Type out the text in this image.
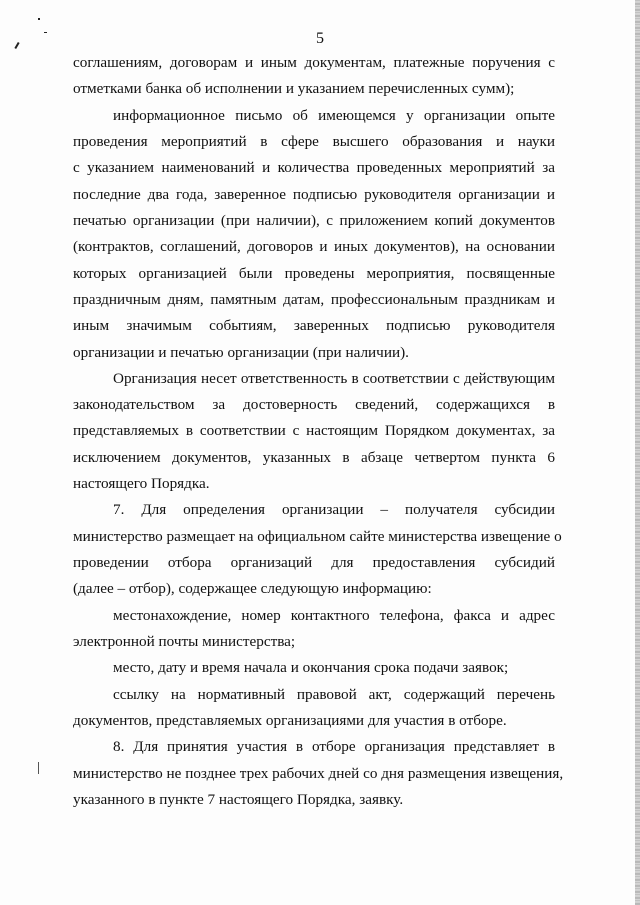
5
соглашениям, договорам и иным документам, платежные поручения с
отметками банка об исполнении и указанием перечисленных сумм);
информационное письмо об имеющемся у организации опыте
проведения мероприятий в сфере высшего образования и науки
с указанием наименований и количества проведенных мероприятий за
последние два года, заверенное подписью руководителя организации и
печатью организации (при наличии), с приложением копий документов
(контрактов, соглашений, договоров и иных документов), на основании
которых организацией были проведены мероприятия, посвященные
праздничным дням, памятным датам, профессиональным праздникам и
иным значимым событиям, заверенных подписью руководителя
организации и печатью организации (при наличии).
Организация несет ответственность в соответствии с действующим
законодательством за достоверность сведений, содержащихся в
представляемых в соответствии с настоящим Порядком документах, за
исключением документов, указанных в абзаце четвертом пункта 6
настоящего Порядка.
7. Для определения организации – получателя субсидии
министерство размещает на официальном сайте министерства извещение о
проведении отбора организаций для предоставления субсидий
(далее – отбор), содержащее следующую информацию:
местонахождение, номер контактного телефона, факса и адрес
электронной почты министерства;
место, дату и время начала и окончания срока подачи заявок;
ссылку на нормативный правовой акт, содержащий перечень
документов, представляемых организациями для участия в отборе.
8. Для принятия участия в отборе организация представляет в
министерство не позднее трех рабочих дней со дня размещения извещения,
указанного в пункте 7 настоящего Порядка, заявку.
